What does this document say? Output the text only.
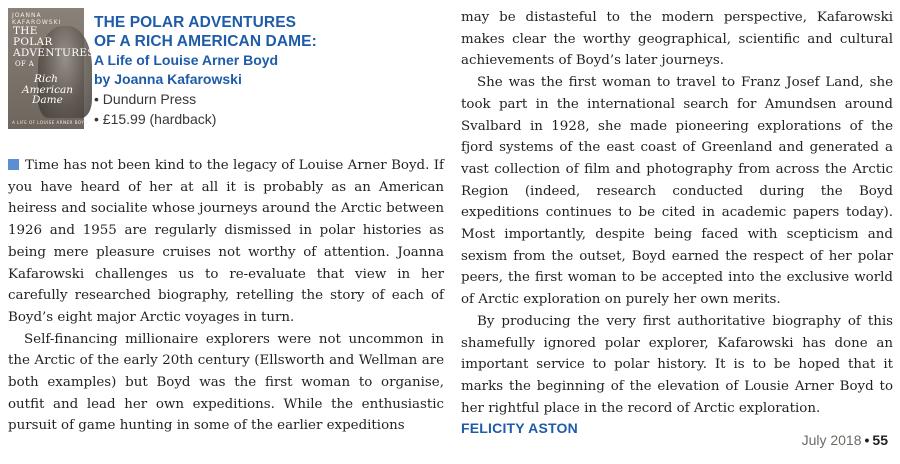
JOANNA KAFAROWSKI
THE
POLAR
ADVENTURES
OF A
Rich
American
Dame
A LIFE OF LOUISE ARNER BOYD
THE POLAR ADVENTURES
OF A RICH AMERICAN DAME:
A Life of Louise Arner Boyd
by Joanna Kafarowski
• Dundurn Press
• £15.99 (hardback)

Time has not been kind to the legacy of Louise Arner Boyd. If you have heard of her at all it is probably as an American heiress and socialite whose journeys around the Arctic between 1926 and 1955 are regularly dismissed in polar histories as being mere pleasure cruises not worthy of attention. Joanna Kafarowski challenges us to re-evaluate that view in her carefully researched biography, retelling the story of each of Boyd’s eight major Arctic voyages in turn.

Self-financing millionaire explorers were not uncommon in the Arctic of the early 20th century (Ellsworth and Wellman are both examples) but Boyd was the first woman to organise, outfit and lead her own expeditions. While the enthusiastic pursuit of game hunting in some of the earlier expeditions

may be distasteful to the modern perspective, Kafarowski makes clear the worthy geographical, scientific and cultural achievements of Boyd’s later journeys.

She was the first woman to travel to Franz Josef Land, she took part in the international search for Amundsen around Svalbard in 1928, she made pioneering explorations of the fjord systems of the east coast of Greenland and generated a vast collection of film and photography from across the Arctic Region (indeed, research conducted during the Boyd expeditions continues to be cited in academic papers today). Most importantly, despite being faced with scepticism and sexism from the outset, Boyd earned the respect of her polar peers, the first woman to be accepted into the exclusive world of Arctic exploration on purely her own merits.

By producing the very first authoritative biography of this shamefully ignored polar explorer, Kafarowski has done an important service to polar history. It is to be hoped that it marks the beginning of the elevation of Lousie Arner Boyd to her rightful place in the record of Arctic exploration.

FELICITY ASTON
July 2018 • 55
